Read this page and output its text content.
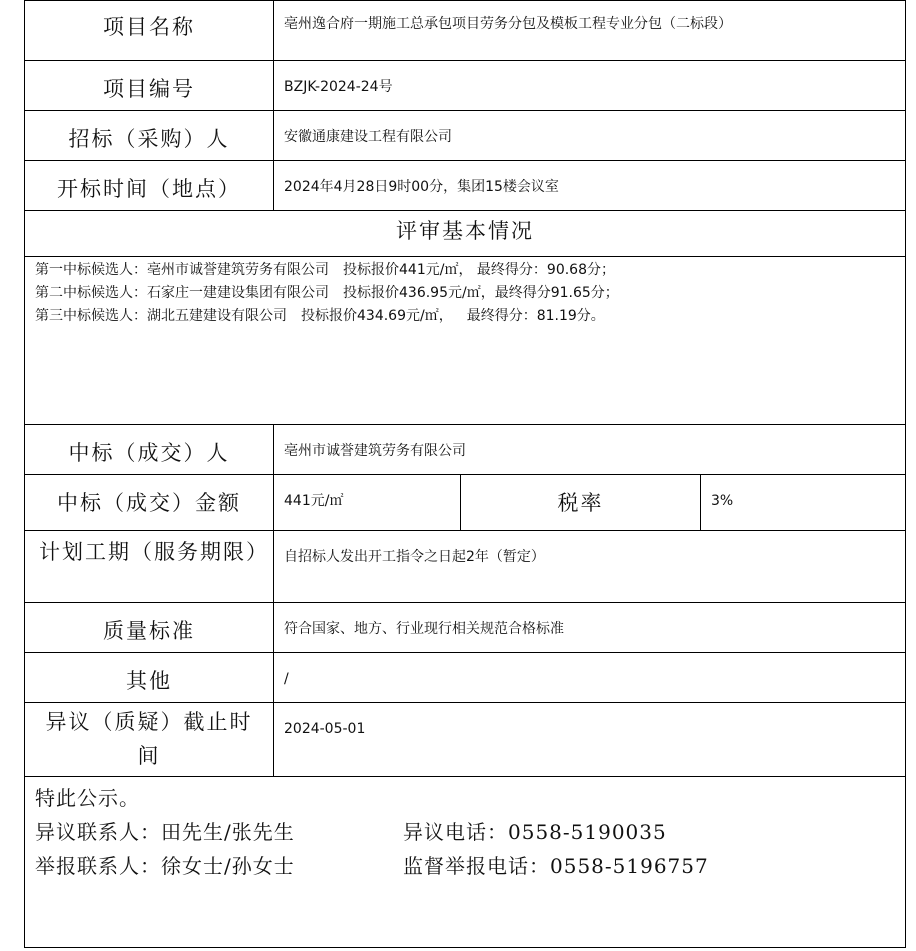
项目名称	亳州逸合府一期施工总承包项目劳务分包及模板工程专业分包（二标段）		
项目编号	BZJK-2024-24号		
招标（采购）人	安徽通康建设工程有限公司		
开标时间（地点）	2024年4月28日9时00分，集团15楼会议室		
评审基本情况			

第一中标候选人：亳州市诚誉建筑劳务有限公司 投标报价441元/㎡， 最终得分：90.68分；
第二中标候选人：石家庄一建建设集团有限公司 投标报价436.95元/㎡，最终得分91.65分；
第三中标候选人：湖北五建建设有限公司 投标报价434.69元/㎡， 最终得分：81.19分。			

中标（成交）人	亳州市诚誉建筑劳务有限公司		
中标（成交）金额	441元/㎡	税率	3%
计划工期（服务期限）	自招标人发出开工指令之日起2年（暂定）		
质量标准	符合国家、地方、行业现行相关规范合格标准		
其他	/		
异议（质疑）截止时间	2024-05-01		

特此公示。
异议联系人：田先生/张先生 异议电话：0558-5190035
举报联系人：徐女士/孙女士 监督举报电话：0558-5196757			
